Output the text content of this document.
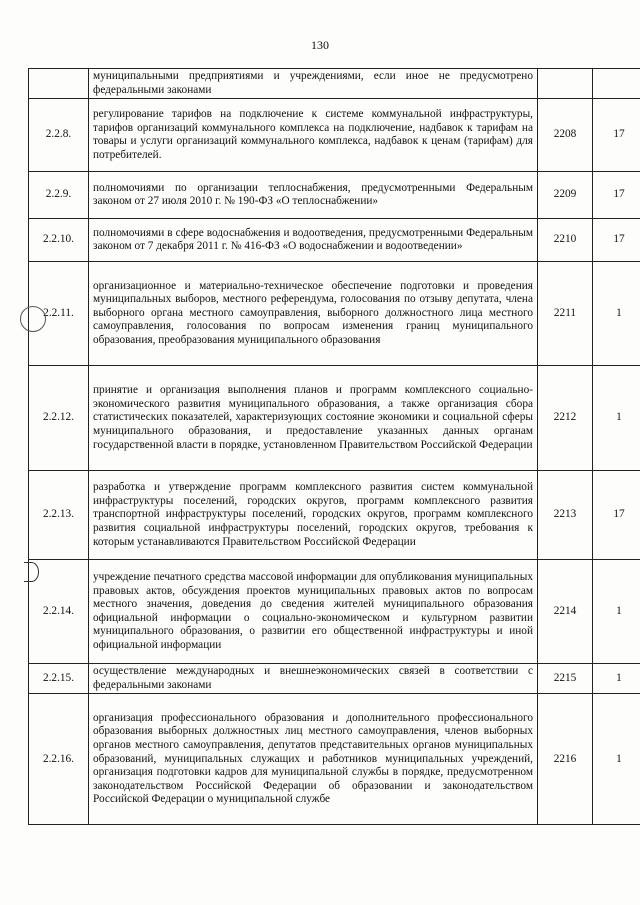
130
	муниципальными предприятиями и учреждениями, если иное не предусмотрено федеральными законами		
2.2.8.	регулирование тарифов на подключение к системе коммунальной инфраструктуры, тарифов организаций коммунального комплекса на подключение, надбавок к тарифам на товары и услуги организаций коммунального комплекса, надбавок к ценам (тарифам) для потребителей.	2208	17
2.2.9.	полномочиями по организации теплоснабжения, предусмотренными Федеральным законом от 27 июля 2010 г. № 190-ФЗ «О теплоснабжении»	2209	17
2.2.10.	полномочиями в сфере водоснабжения и водоотведения, предусмотренными Федеральным законом от 7 декабря 2011 г. № 416-ФЗ «О водоснабжении и водоотведении»	2210	17
2.2.11.	организационное и материально-техническое обеспечение подготовки и проведения муниципальных выборов, местного референдума, голосования по отзыву депутата, члена выборного органа местного самоуправления, выборного должностного лица местного самоуправления, голосования по вопросам изменения границ муниципального образования, преобразования муниципального образования	2211	1
2.2.12.	принятие и организация выполнения планов и программ комплексного социально-экономического развития муниципального образования, а также организация сбора статистических показателей, характеризующих состояние экономики и социальной сферы муниципального образования, и предоставление указанных данных органам государственной власти в порядке, установленном Правительством Российской Федерации	2212	1
2.2.13.	разработка и утверждение программ комплексного развития систем коммунальной инфраструктуры поселений, городских округов, программ комплексного развития транспортной инфраструктуры поселений, городских округов, программ комплексного развития социальной инфраструктуры поселений, городских округов, требования к которым устанавливаются Правительством Российской Федерации	2213	17
2.2.14.	учреждение печатного средства массовой информации для опубликования муниципальных правовых актов, обсуждения проектов муниципальных правовых актов по вопросам местного значения, доведения до сведения жителей муниципального образования официальной информации о социально-экономическом и культурном развитии муниципального образования, о развитии его общественной инфраструктуры и иной официальной информации	2214	1
2.2.15.	осуществление международных и внешнеэкономических связей в соответствии с федеральными законами	2215	1
2.2.16.	организация профессионального образования и дополнительного профессионального образования выборных должностных лиц местного самоуправления, членов выборных органов местного самоуправления, депутатов представительных органов муниципальных образований, муниципальных служащих и работников муниципальных учреждений, организация подготовки кадров для муниципальной службы в порядке, предусмотренном законодательством Российской Федерации об образовании и законодательством Российской Федерации о муниципальной службе	2216	1
